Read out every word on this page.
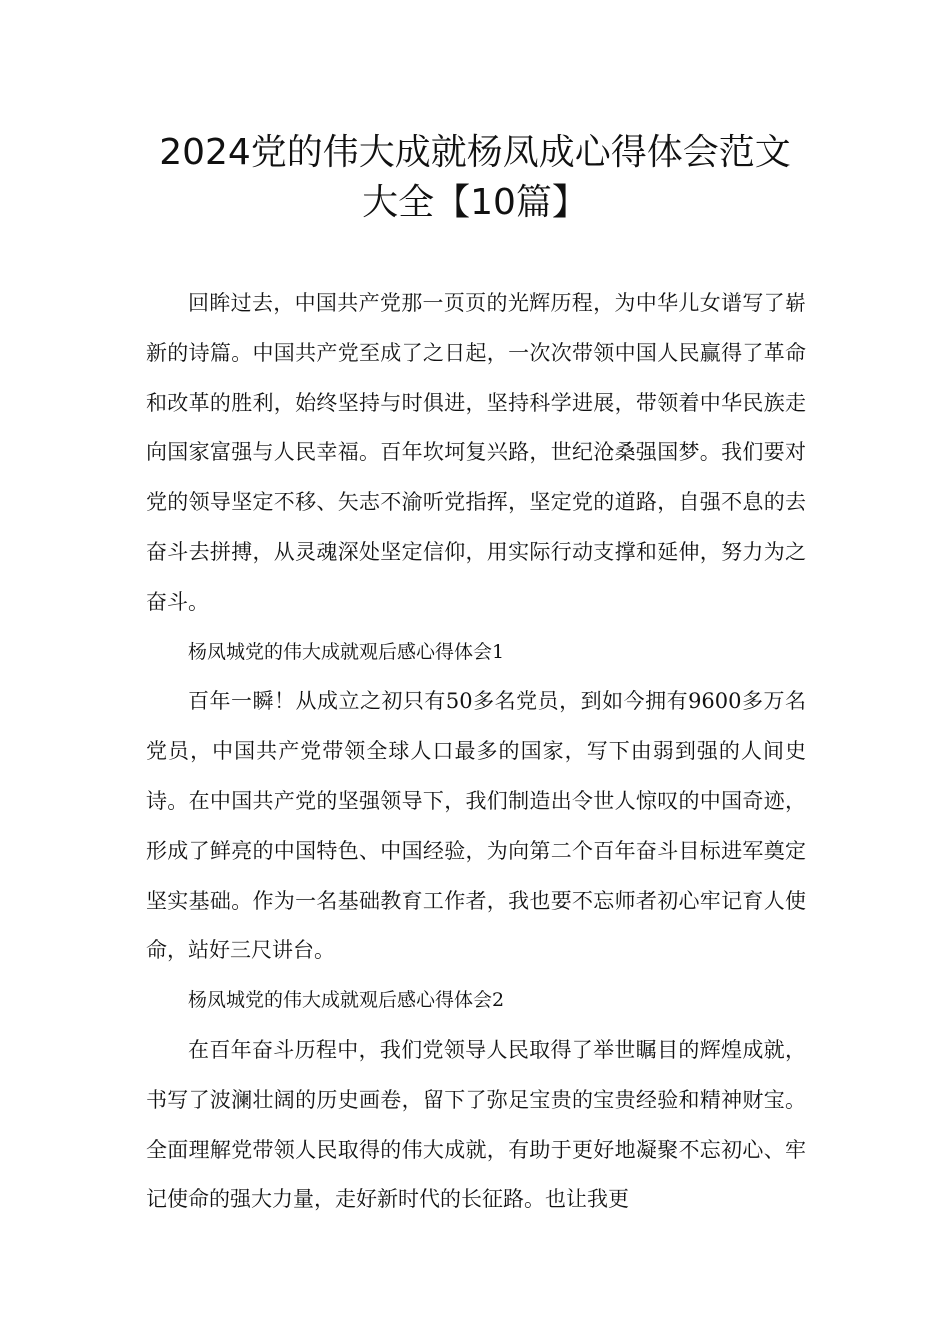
2024党的伟大成就杨凤成心得体会范文
大全【10篇】

回眸过去，中国共产党那一页页的光辉历程，为中华儿女谱写了崭新的诗篇。中国共产党至成了之日起，一次次带领中国人民赢得了革命和改革的胜利，始终坚持与时俱进，坚持科学进展，带领着中华民族走向国家富强与人民幸福。百年坎坷复兴路，世纪沧桑强国梦。我们要对党的领导坚定不移、矢志不渝听党指挥，坚定党的道路，自强不息的去奋斗去拼搏，从灵魂深处坚定信仰，用实际行动支撑和延伸，努力为之奋斗。

杨凤城党的伟大成就观后感心得体会1

百年一瞬！从成立之初只有50多名党员，到如今拥有9600多万名党员，中国共产党带领全球人口最多的国家，写下由弱到强的人间史诗。在中国共产党的坚强领导下，我们制造出令世人惊叹的中国奇迹，形成了鲜亮的中国特色、中国经验，为向第二个百年奋斗目标进军奠定坚实基础。作为一名基础教育工作者，我也要不忘师者初心牢记育人使命，站好三尺讲台。

杨凤城党的伟大成就观后感心得体会2

在百年奋斗历程中，我们党领导人民取得了举世瞩目的辉煌成就，书写了波澜壮阔的历史画卷，留下了弥足宝贵的宝贵经验和精神财宝。全面理解党带领人民取得的伟大成就，有助于更好地凝聚不忘初心、牢记使命的强大力量，走好新时代的长征路。也让我更
